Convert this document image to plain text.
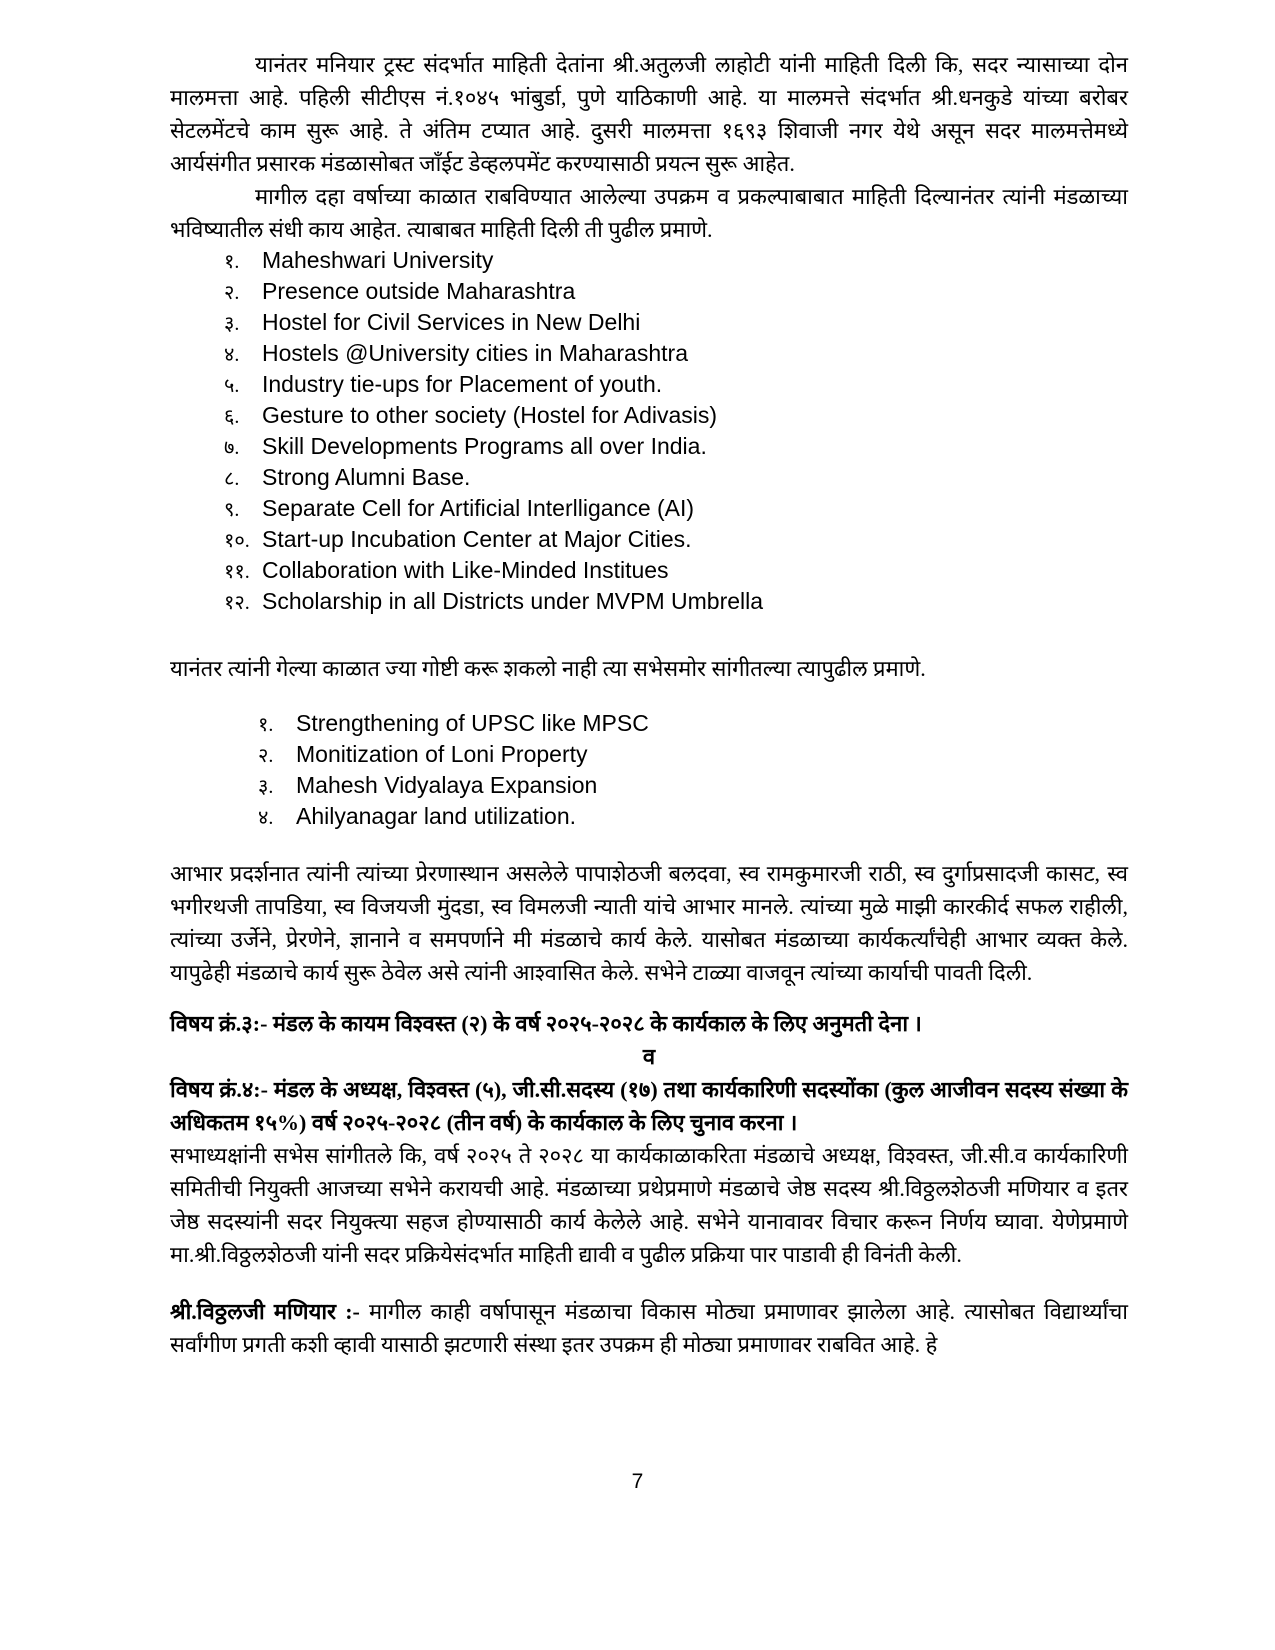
यानंतर मनियार ट्रस्ट संदर्भात माहिती देतांना श्री.अतुलजी लाहोटी यांनी माहिती दिली कि, सदर न्यासाच्या दोन मालमत्ता आहे. पहिली सीटीएस नं.१०४५ भांबुर्डा, पुणे याठिकाणी आहे. या मालमत्ते संदर्भात श्री.धनकुडे यांच्या बरोबर सेटलमेंटचे काम सुरू आहे. ते अंतिम टप्यात आहे. दुसरी मालमत्ता १६९३ शिवाजी नगर येथे असून सदर मालमत्तेमध्ये आर्यसंगीत प्रसारक मंडळासोबत जाँईट डेव्हलपमेंट करण्यासाठी प्रयत्न सुरू आहेत.

मागील दहा वर्षाच्या काळात राबविण्यात आलेल्या उपक्रम व प्रकल्पाबाबात माहिती दिल्यानंतर त्यांनी मंडळाच्या भविष्यातील संधी काय आहेत. त्याबाबत माहिती दिली ती पुढील प्रमाणे.

१. Maheshwari University
२. Presence outside Maharashtra
३. Hostel for Civil Services in New Delhi
४. Hostels @University cities in Maharashtra
५. Industry tie-ups for Placement of youth.
६. Gesture to other society (Hostel for Adivasis)
७. Skill Developments Programs all over India.
८. Strong Alumni Base.
९. Separate Cell for Artificial Interlligance (AI)
१०. Start-up Incubation Center at Major Cities.
११. Collaboration with Like-Minded Institues
१२. Scholarship in all Districts under MVPM Umbrella

यानंतर त्यांनी गेल्या काळात ज्या गोष्टी करू शकलो नाही त्या सभेसमोर सांगीतल्या त्यापुढील प्रमाणे.

१. Strengthening of UPSC like MPSC
२. Monitization of Loni Property
३. Mahesh Vidyalaya Expansion
४. Ahilyanagar land utilization.

आभार प्रदर्शनात त्यांनी त्यांच्या प्रेरणास्थान असलेले पापाशेठजी बलदवा, स्व रामकुमारजी राठी, स्व दुर्गाप्रसादजी कासट, स्व भगीरथजी तापडिया, स्व विजयजी मुंदडा, स्व विमलजी न्याती यांचे आभार मानले. त्यांच्या मुळे माझी कारकीर्द सफल राहीली, त्यांच्या उर्जेने, प्रेरणेने, ज्ञानाने व समपर्णाने मी मंडळाचे कार्य केले. यासोबत मंडळाच्या कार्यकर्त्यांचेही आभार व्यक्त केले. यापुढेही मंडळाचे कार्य सुरू ठेवेल असे त्यांनी आश्वासित केले. सभेने टाळ्या वाजवून त्यांच्या कार्याची पावती दिली.

विषय क्रं.३:- मंडल के कायम विश्वस्त (२) के वर्ष २०२५-२०२८ के कार्यकाल के लिए अनुमती देना ।

व

विषय क्रं.४:- मंडल के अध्यक्ष, विश्वस्त (५), जी.सी.सदस्य (१७) तथा कार्यकारिणी सदस्योंका (कुल आजीवन सदस्य संख्या के अधिकतम १५%) वर्ष २०२५-२०२८ (तीन वर्ष) के कार्यकाल के लिए चुनाव करना ।

सभाध्यक्षांनी सभेस सांगीतले कि, वर्ष २०२५ ते २०२८ या कार्यकाळाकरिता मंडळाचे अध्यक्ष, विश्वस्त, जी.सी.व कार्यकारिणी समितीची नियुक्ती आजच्या सभेने करायची आहे. मंडळाच्या प्रथेप्रमाणे मंडळाचे जेष्ठ सदस्य श्री.विठ्ठलशेठजी मणियार व इतर जेष्ठ सदस्यांनी सदर नियुक्त्या सहज होण्यासाठी कार्य केलेले आहे. सभेने यानावावर विचार करून निर्णय घ्यावा. येणेप्रमाणे मा.श्री.विठ्ठलशेठजी यांनी सदर प्रक्रियेसंदर्भात माहिती द्यावी व पुढील प्रक्रिया पार पाडावी ही विनंती केली.

श्री.विठ्ठलजी मणियार :- मागील काही वर्षापासून मंडळाचा विकास मोठ्या प्रमाणावर झालेला आहे. त्यासोबत विद्यार्थ्यांचा सर्वांगीण प्रगती कशी व्हावी यासाठी झटणारी संस्था इतर उपक्रम ही मोठ्या प्रमाणावर राबवित आहे. हे

7
